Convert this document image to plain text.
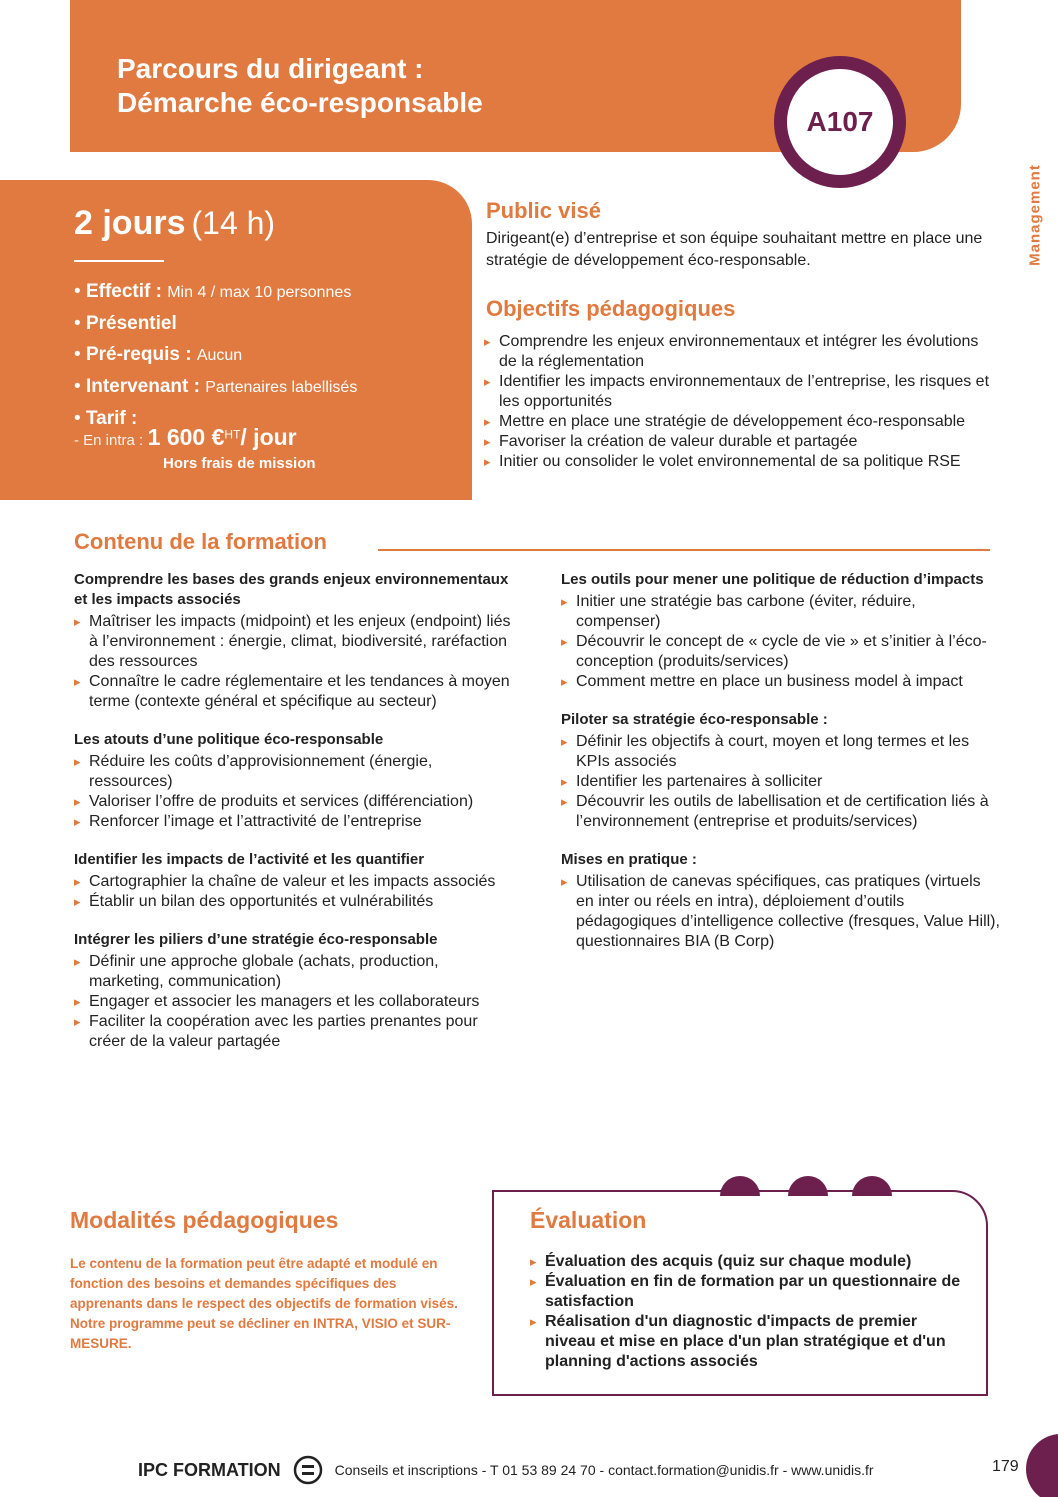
Parcours du dirigeant :
Démarche éco-responsable
A107
Management
2 jours (14 h)
• Effectif : Min 4 / max 10 personnes
• Présentiel
• Pré-requis : Aucun
• Intervenant : Partenaires labellisés
• Tarif :
- En intra : 1 600 €$^{HT}$/ jour
Hors frais de mission
Public visé
Dirigeant(e) d’entreprise et son équipe souhaitant mettre en place une stratégie de développement éco-responsable.
Objectifs pédagogiques
▸ Comprendre les enjeux environnementaux et intégrer les évolutions de la réglementation
▸ Identifier les impacts environnementaux de l’entreprise, les risques et les opportunités
▸ Mettre en place une stratégie de développement éco-responsable
▸ Favoriser la création de valeur durable et partagée
▸ Initier ou consolider le volet environnemental de sa politique RSE
Contenu de la formation
Comprendre les bases des grands enjeux environnementaux et les impacts associés
▸ Maîtriser les impacts (midpoint) et les enjeux (endpoint) liés à l’environnement : énergie, climat, biodiversité, raréfaction des ressources
▸ Connaître le cadre réglementaire et les tendances à moyen terme (contexte général et spécifique au secteur)
Les atouts d’une politique éco-responsable
▸ Réduire les coûts d’approvisionnement (énergie, ressources)
▸ Valoriser l’offre de produits et services (différenciation)
▸ Renforcer l’image et l’attractivité de l’entreprise
Identifier les impacts de l’activité et les quantifier
▸ Cartographier la chaîne de valeur et les impacts associés
▸ Établir un bilan des opportunités et vulnérabilités
Intégrer les piliers d’une stratégie éco-responsable
▸ Définir une approche globale (achats, production, marketing, communication)
▸ Engager et associer les managers et les collaborateurs
▸ Faciliter la coopération avec les parties prenantes pour créer de la valeur partagée
Les outils pour mener une politique de réduction d’impacts
▸ Initier une stratégie bas carbone (éviter, réduire, compenser)
▸ Découvrir le concept de « cycle de vie » et s’initier à l’éco-conception (produits/services)
▸ Comment mettre en place un business model à impact
Piloter sa stratégie éco-responsable :
▸ Définir les objectifs à court, moyen et long termes et les KPIs associés
▸ Identifier les partenaires à solliciter
▸ Découvrir les outils de labellisation et de certification liés à l’environnement (entreprise et produits/services)
Mises en pratique :
▸ Utilisation de canevas spécifiques, cas pratiques (virtuels en inter ou réels en intra), déploiement d’outils pédagogiques d’intelligence collective (fresques, Value Hill), questionnaires BIA (B Corp)
Modalités pédagogiques
Le contenu de la formation peut être adapté et modulé en fonction des besoins et demandes spécifiques des apprenants dans le respect des objectifs de formation visés. Notre programme peut se décliner en INTRA, VISIO et SUR-MESURE.
Évaluation
▸ Évaluation des acquis (quiz sur chaque module)
▸ Évaluation en fin de formation par un questionnaire de satisfaction
▸ Réalisation d'un diagnostic d'impacts de premier niveau et mise en place d'un plan stratégique et d'un planning d'actions associés
IPC FORMATION	Conseils et inscriptions - T 01 53 89 24 70 - contact.formation@unidis.fr - www.unidis.fr	179
